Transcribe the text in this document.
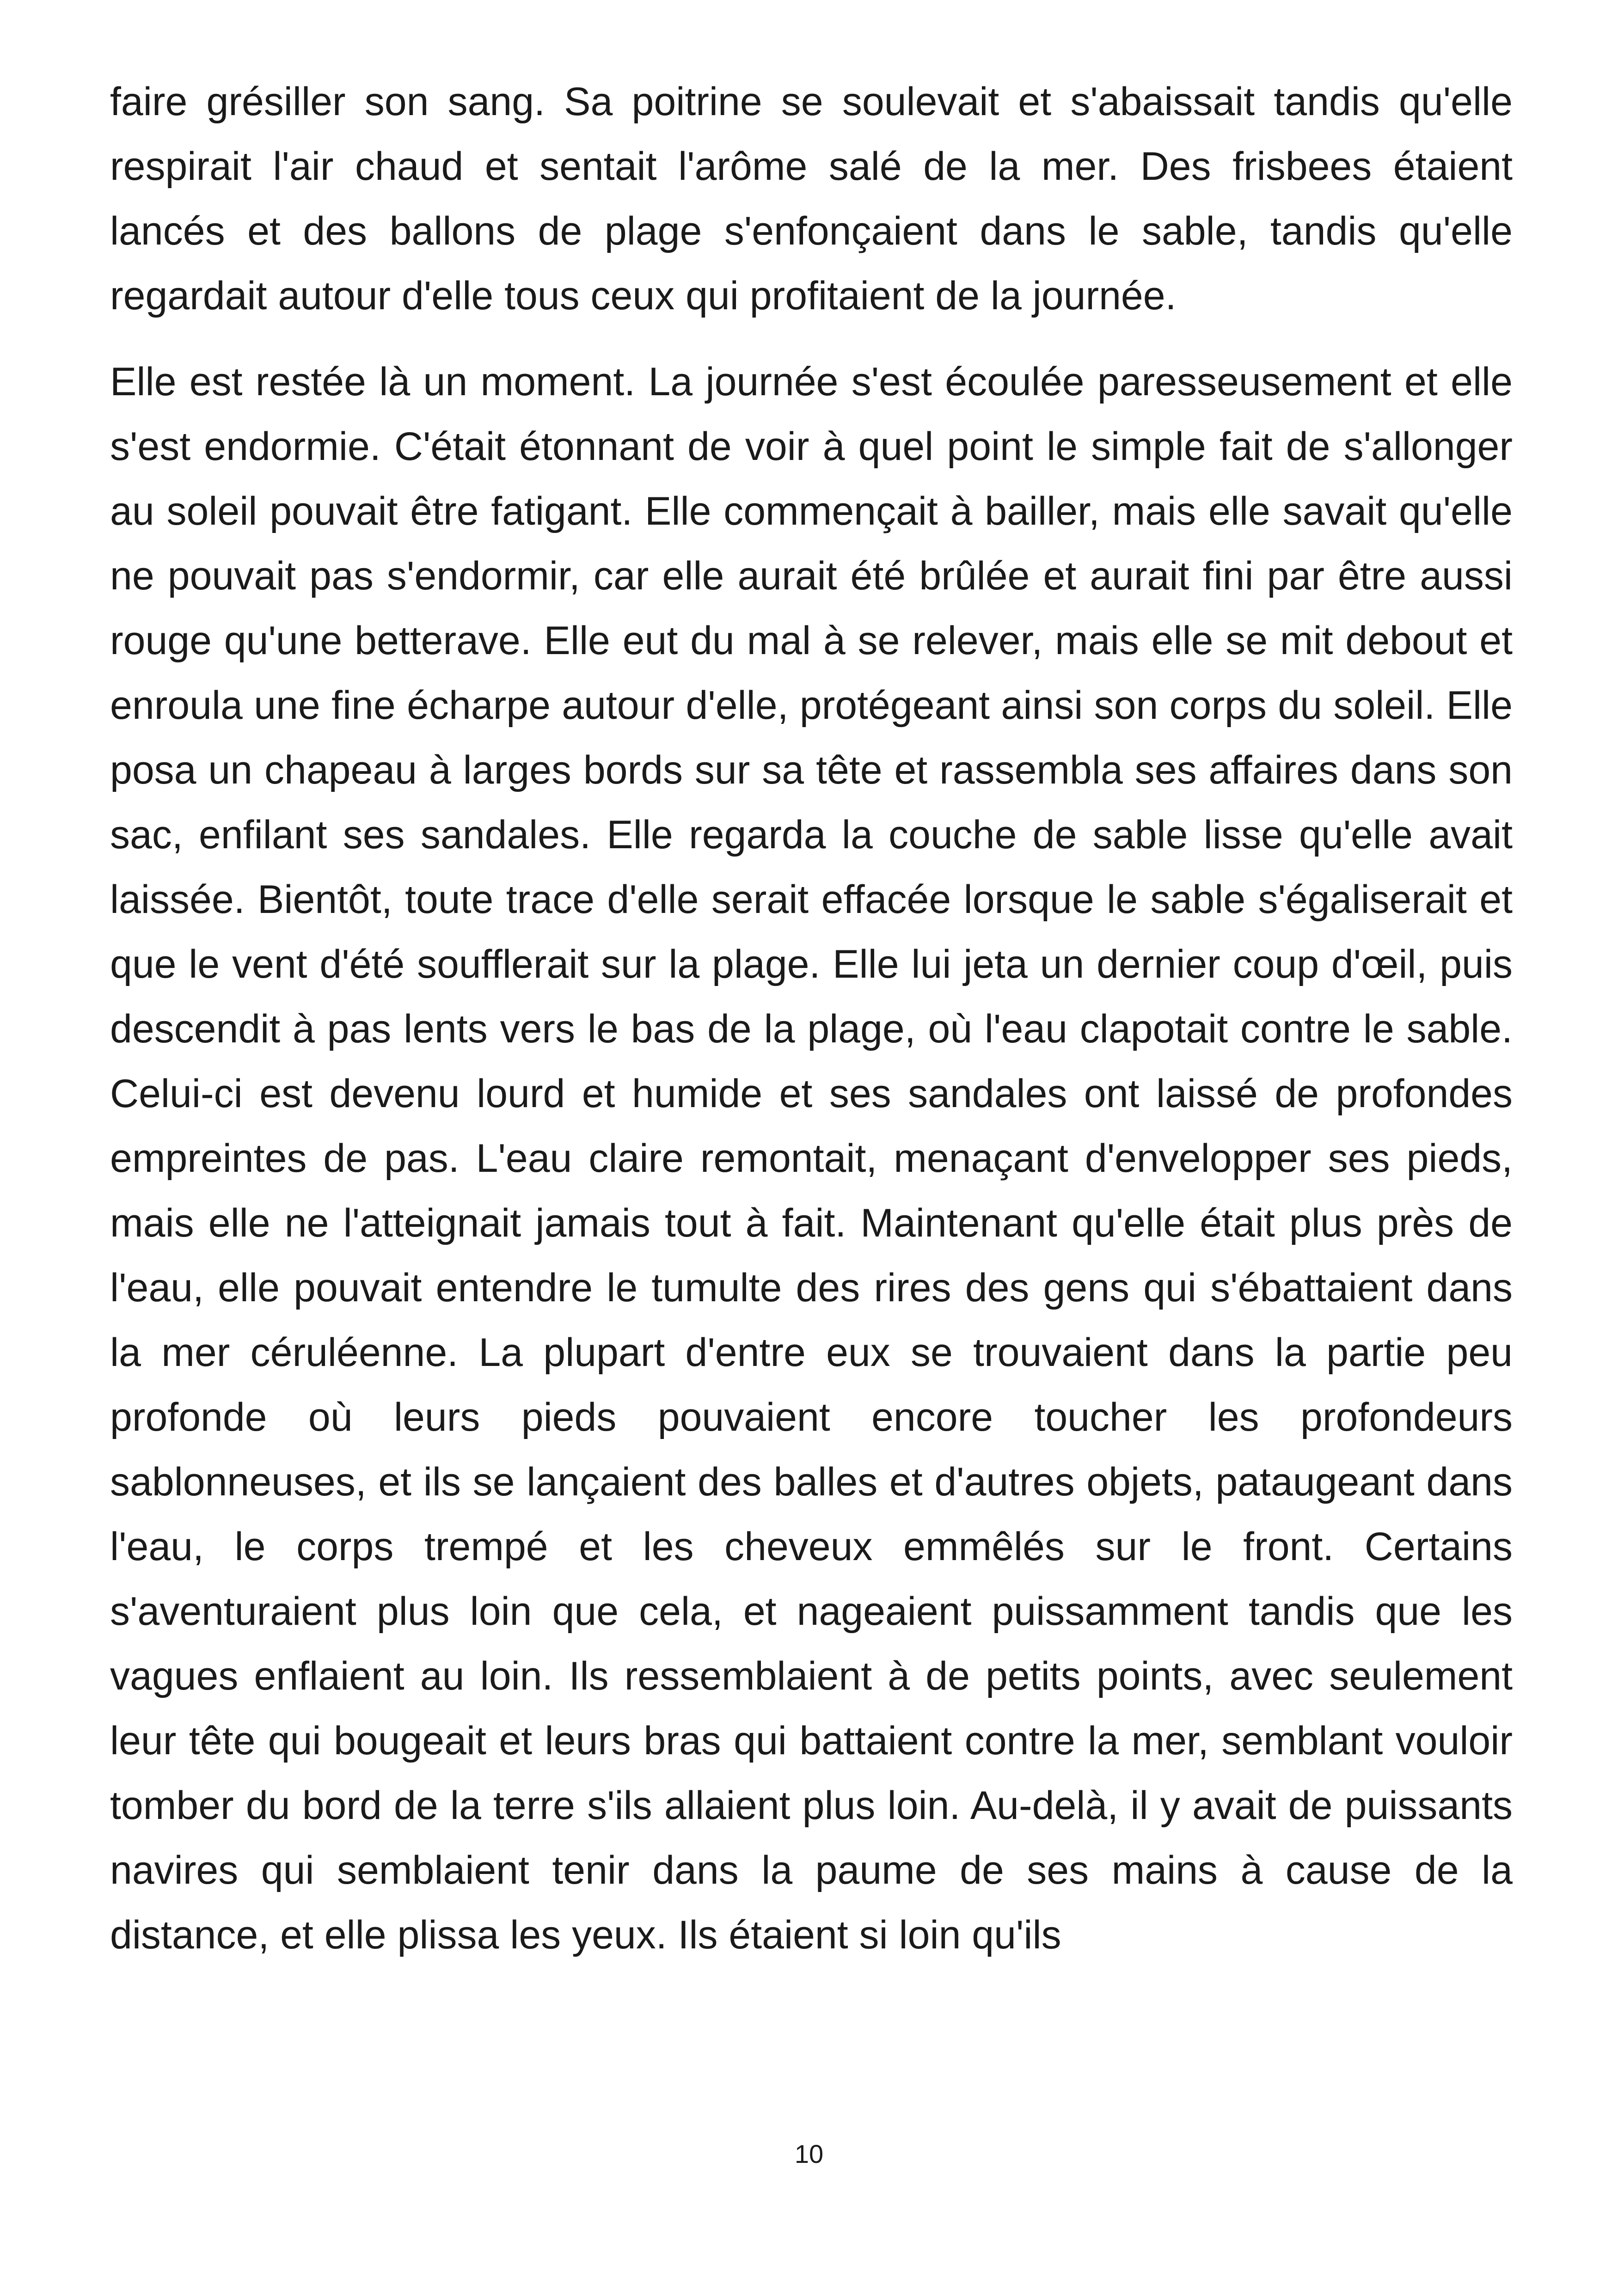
faire grésiller son sang. Sa poitrine se soulevait et s'abaissait tandis qu'elle respirait l'air chaud et sentait l'arôme salé de la mer. Des frisbees étaient lancés et des ballons de plage s'enfonçaient dans le sable, tandis qu'elle regardait autour d'elle tous ceux qui profitaient de la journée.

Elle est restée là un moment. La journée s'est écoulée paresseusement et elle s'est endormie. C'était étonnant de voir à quel point le simple fait de s'allonger au soleil pouvait être fatigant. Elle commençait à bailler, mais elle savait qu'elle ne pouvait pas s'endormir, car elle aurait été brûlée et aurait fini par être aussi rouge qu'une betterave. Elle eut du mal à se relever, mais elle se mit debout et enroula une fine écharpe autour d'elle, protégeant ainsi son corps du soleil. Elle posa un chapeau à larges bords sur sa tête et rassembla ses affaires dans son sac, enfilant ses sandales. Elle regarda la couche de sable lisse qu'elle avait laissée. Bientôt, toute trace d'elle serait effacée lorsque le sable s'égaliserait et que le vent d'été soufflerait sur la plage. Elle lui jeta un dernier coup d'œil, puis descendit à pas lents vers le bas de la plage, où l'eau clapotait contre le sable. Celui-ci est devenu lourd et humide et ses sandales ont laissé de profondes empreintes de pas. L'eau claire remontait, menaçant d'envelopper ses pieds, mais elle ne l'atteignait jamais tout à fait. Maintenant qu'elle était plus près de l'eau, elle pouvait entendre le tumulte des rires des gens qui s'ébattaient dans la mer céruléenne. La plupart d'entre eux se trouvaient dans la partie peu profonde où leurs pieds pouvaient encore toucher les profondeurs sablonneuses, et ils se lançaient des balles et d'autres objets, pataugeant dans l'eau, le corps trempé et les cheveux emmêlés sur le front. Certains s'aventuraient plus loin que cela, et nageaient puissamment tandis que les vagues enflaient au loin. Ils ressemblaient à de petits points, avec seulement leur tête qui bougeait et leurs bras qui battaient contre la mer, semblant vouloir tomber du bord de la terre s'ils allaient plus loin. Au-delà, il y avait de puissants navires qui semblaient tenir dans la paume de ses mains à cause de la distance, et elle plissa les yeux. Ils étaient si loin qu'ils

10
